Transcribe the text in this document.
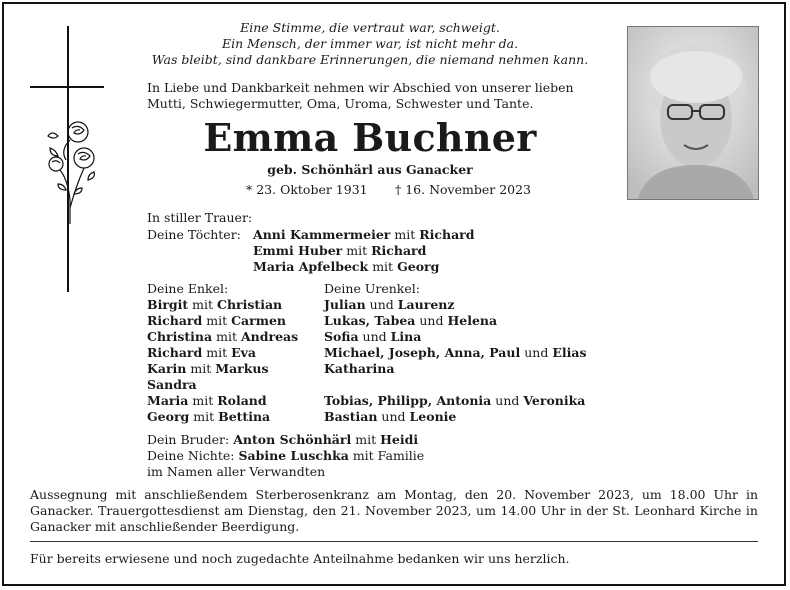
Eine Stimme, die vertraut war, schweigt.
Ein Mensch, der immer war, ist nicht mehr da.
Was bleibt, sind dankbare Erinnerungen, die niemand nehmen kann.
In Liebe und Dankbarkeit nehmen wir Abschied von unserer lieben
Mutti, Schwiegermutter, Oma, Uroma, Schwester und Tante.
Emma Buchner
geb. Schönhärl aus Ganacker
* 23. Oktober 1931 † 16. November 2023
In stiller Trauer:
Deine Töchter: Anni Kammermeier mit Richard
Emmi Huber mit Richard
Maria Apfelbeck mit Georg
Deine Enkel:
Birgit mit Christian
Richard mit Carmen
Christina mit Andreas
Richard mit Eva
Karin mit Markus
Sandra
Maria mit Roland
Georg mit Bettina
Deine Urenkel:
Julian und Laurenz
Lukas, Tabea und Helena
Sofia und Lina
Michael, Joseph, Anna, Paul und Elias
Katharina
Tobias, Philipp, Antonia und Veronika
Bastian und Leonie
Dein Bruder: Anton Schönhärl mit Heidi
Deine Nichte: Sabine Luschka mit Familie
im Namen aller Verwandten
Aussegnung mit anschließendem Sterberosenkranz am Montag, den 20. November 2023, um 18.00 Uhr in Ganacker. Trauergottesdienst am Dienstag, den 21. November 2023, um 14.00 Uhr in der St. Leonhard Kirche in Ganacker mit anschließender Beerdigung.
Für bereits erwiesene und noch zugedachte Anteilnahme bedanken wir uns herzlich.
